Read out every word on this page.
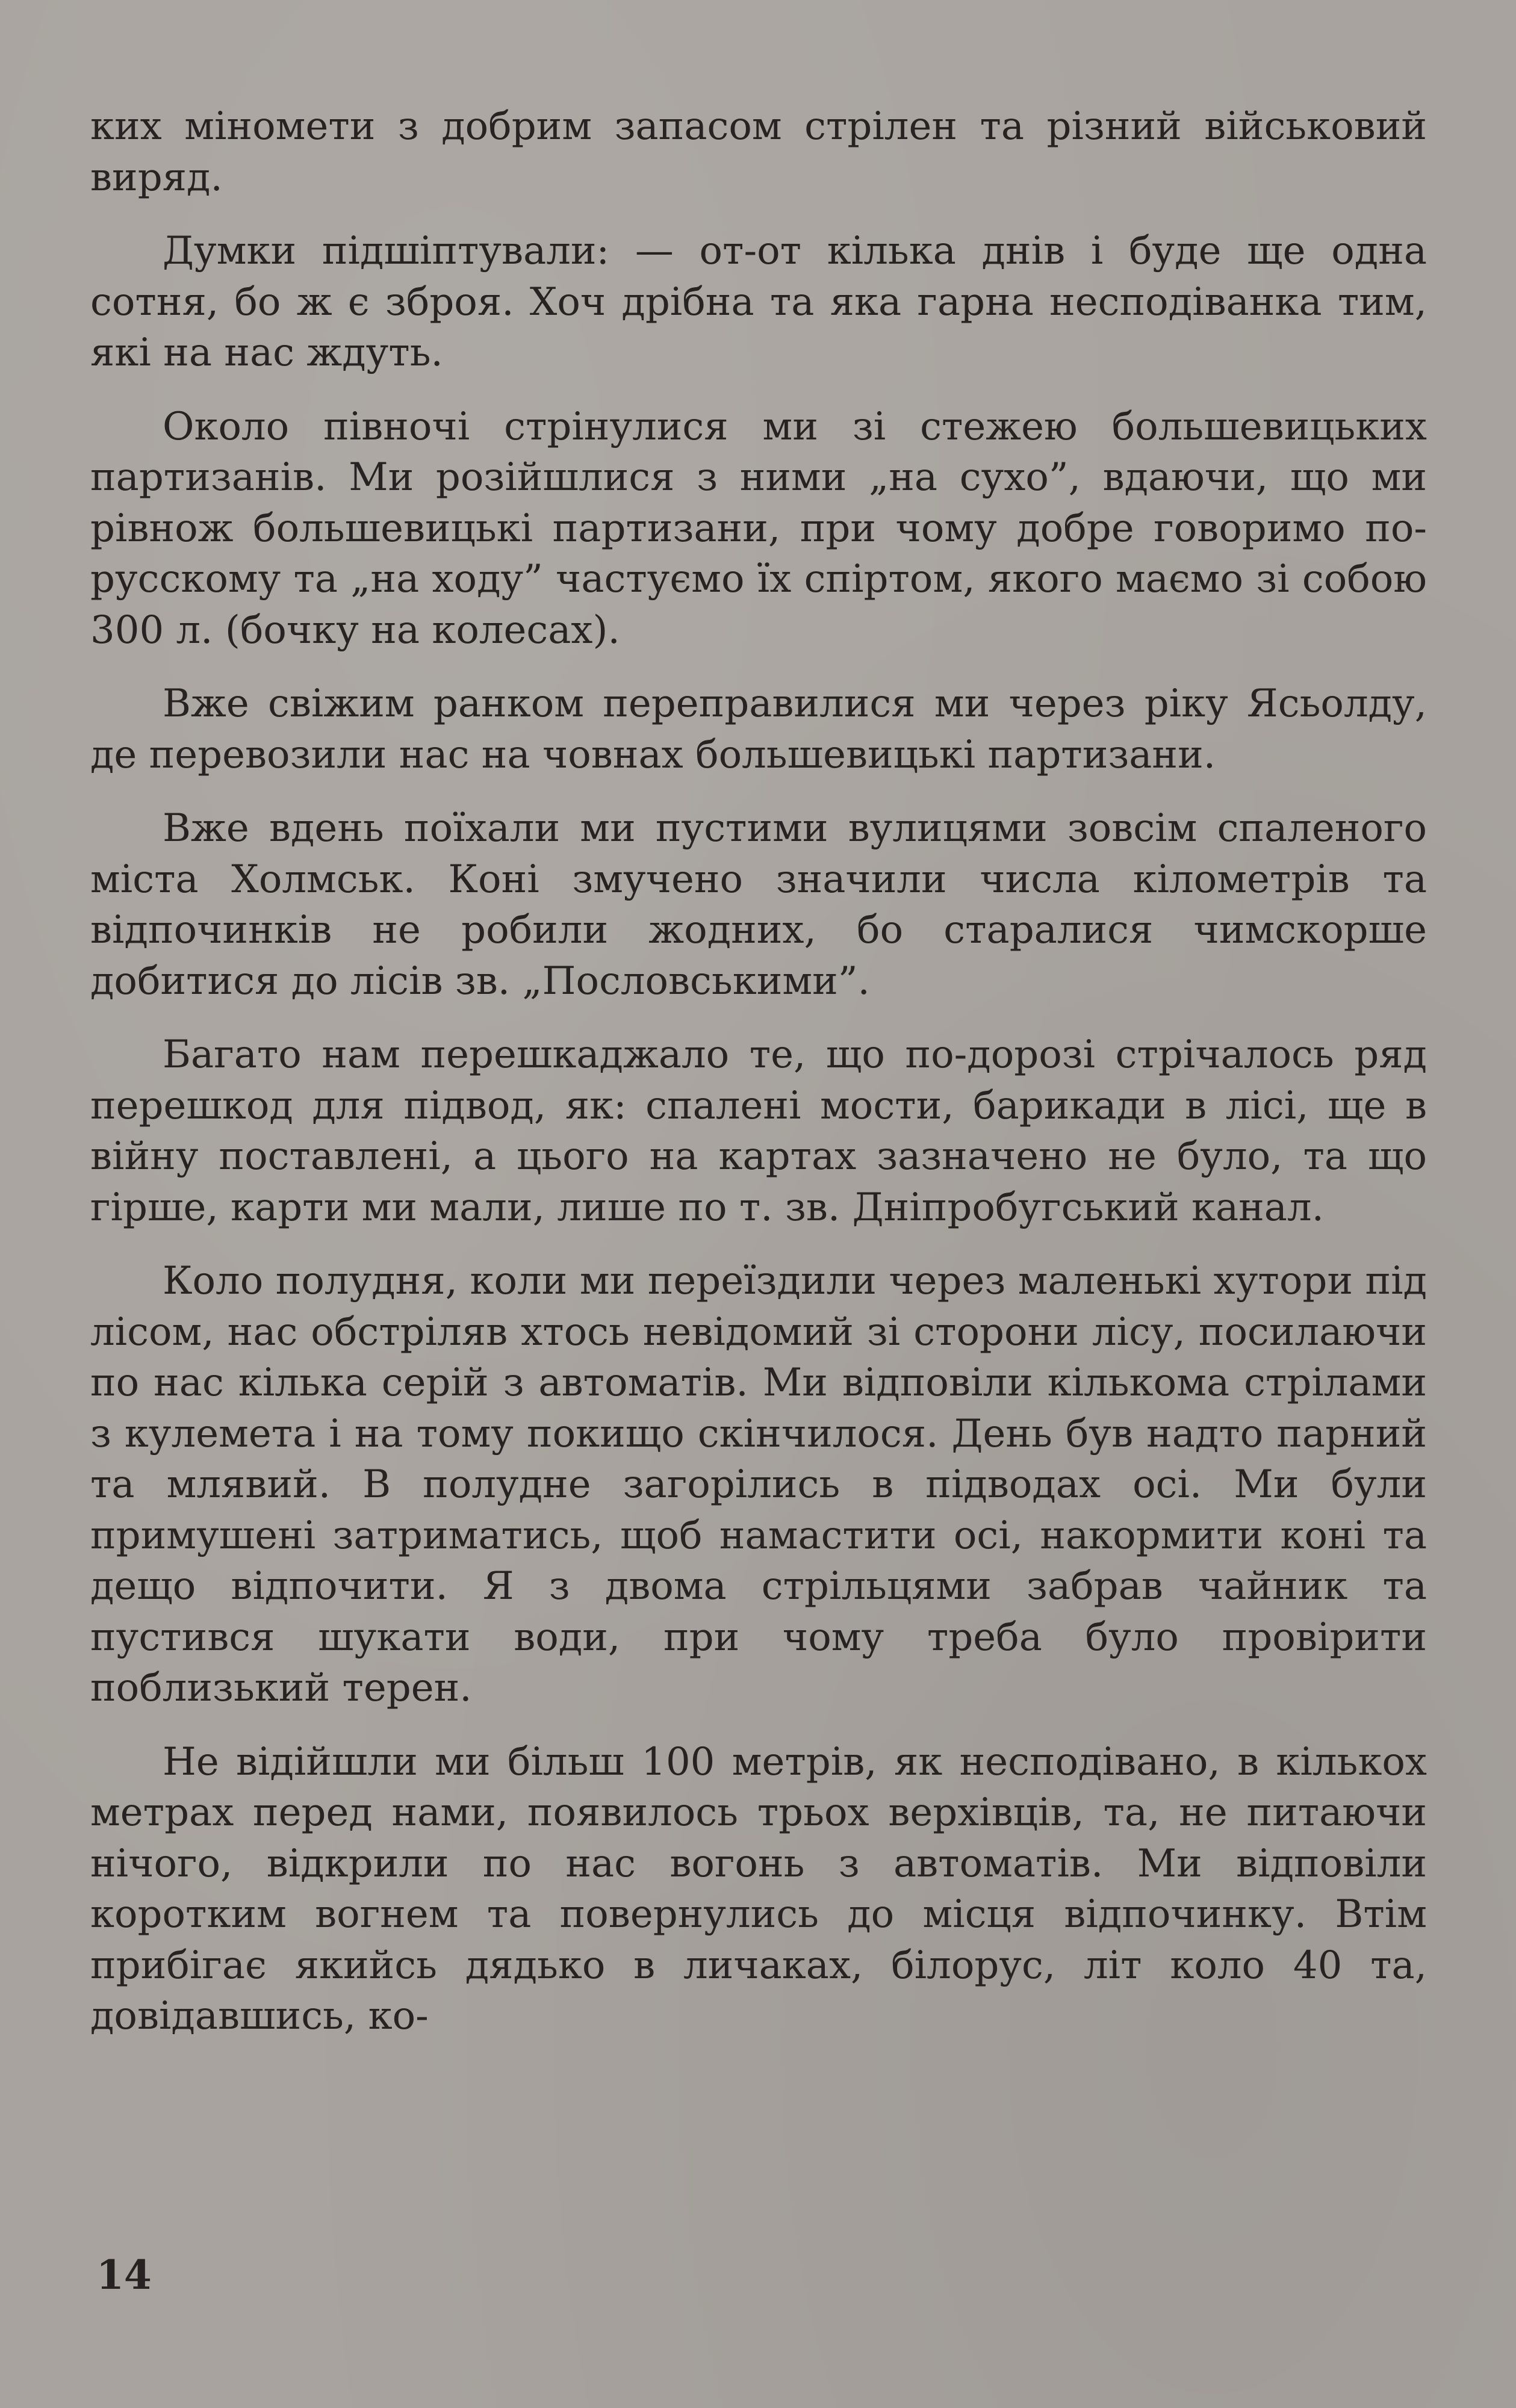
ких міномети з добрим запасом стрілен та різний військовий виряд.

Думки підшіптували: — от-от кілька днів і буде ще одна сотня, бо ж є зброя. Хоч дрібна та яка гарна несподіванка тим, які на нас ждуть.

Около півночі стрінулися ми зі стежею большевицьких партизанів. Ми розійшлися з ними „на сухо”, вдаючи, що ми рівнож большевицькі партизани, при чому добре говоримо по-русскому та „на ходу” частуємо їх спіртом, якого маємо зі собою 300 л. (бочку на колесах).

Вже свіжим ранком переправилися ми через ріку Ясьолду, де перевозили нас на човнах большевицькі партизани.

Вже вдень поїхали ми пустими вулицями зовсім спаленого міста Холмськ. Коні змучено значили числа кілометрів та відпочинків не робили жодних, бо старалися чимскорше добитися до лісів зв. „Пословськими”.

Багато нам перешкаджало те, що по-дорозі стрічалось ряд перешкод для підвод, як: спалені мости, барикади в лісі, ще в війну поставлені, а цього на картах зазначено не було, та що гірше, карти ми мали, лише по т. зв. Дніпробугський канал.

Коло полудня, коли ми переїздили через маленькі хутори під лісом, нас обстріляв хтось невідомий зі сторони лісу, посилаючи по нас кілька серій з автоматів. Ми відповіли кількома стрілами з кулемета і на тому покищо скінчилося. День був надто парний та млявий. В полудне загорілись в підводах осі. Ми були примушені затриматись, щоб намастити осі, накормити коні та дещо відпочити. Я з двома стрільцями забрав чайник та пустився шукати води, при чому треба було провірити поблизький терен.

Не відійшли ми більш 100 метрів, як несподівано, в кількох метрах перед нами, появилось трьох верхівців, та, не питаючи нічого, відкрили по нас вогонь з автоматів. Ми відповіли коротким вогнем та повернулись до місця відпочинку. Втім прибігає якийсь дядько в личаках, білорус, літ коло 40 та, довідавшись, ко-

14
